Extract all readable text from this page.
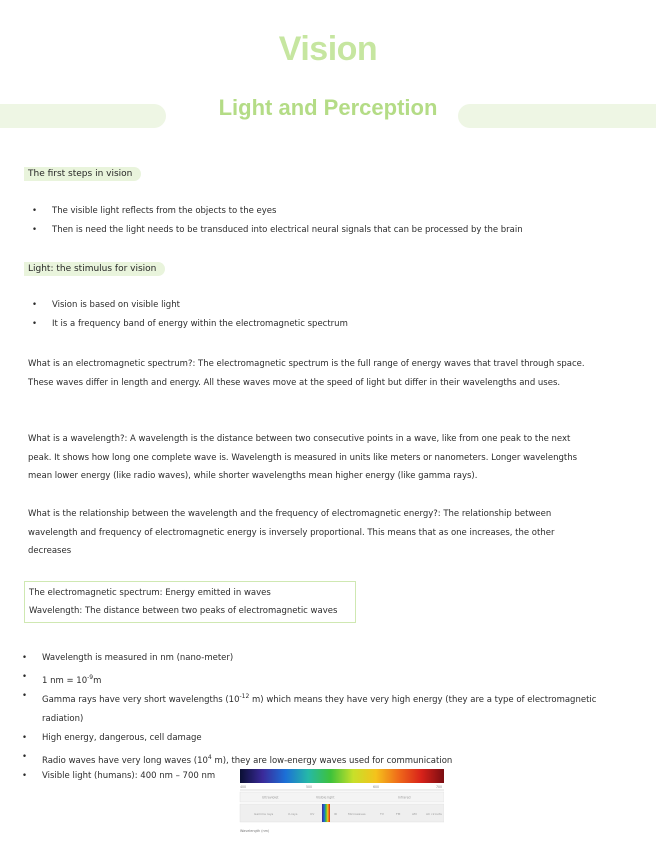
Vision
Light and Perception
The first steps in vision
• The visible light reflects from the objects to the eyes
• Then is need the light needs to be transduced into electrical neural signals that can be processed by the brain
Light: the stimulus for vision
• Vision is based on visible light
• It is a frequency band of energy within the electromagnetic spectrum

What is an electromagnetic spectrum?: The electromagnetic spectrum is the full range of energy waves that travel through space. These waves differ in length and energy. All these waves move at the speed of light but differ in their wavelengths and uses.

What is a wavelength?: A wavelength is the distance between two consecutive points in a wave, like from one peak to the next peak. It shows how long one complete wave is. Wavelength is measured in units like meters or nanometers. Longer wavelengths mean lower energy (like radio waves), while shorter wavelengths mean higher energy (like gamma rays).

What is the relationship between the wavelength and the frequency of electromagnetic energy?: The relationship between wavelength and frequency of electromagnetic energy is inversely proportional. This means that as one increases, the other decreases

The electromagnetic spectrum: Energy emitted in waves
Wavelength: The distance between two peaks of electromagnetic waves
• Wavelength is measured in nm (nano-meter)
• 1 nm = $10^{-9}m$
• Gamma rays have very short wavelengths ($10^{-12}$ m) which means they have very high energy (they are a type of electromagnetic radiation)
• High energy, dangerous, cell damage
• Radio waves have very long waves ($10^4$ m), they are low-energy waves used for communication
• Visible light (humans): 400 nm – 700 nm
400	500	600	700
Ultraviolet	Visible light	Infrared
Gamma rays	X-rays	UV	IR	Microwaves	TV	FM	AM	AC circuits
Wavelength (nm)
